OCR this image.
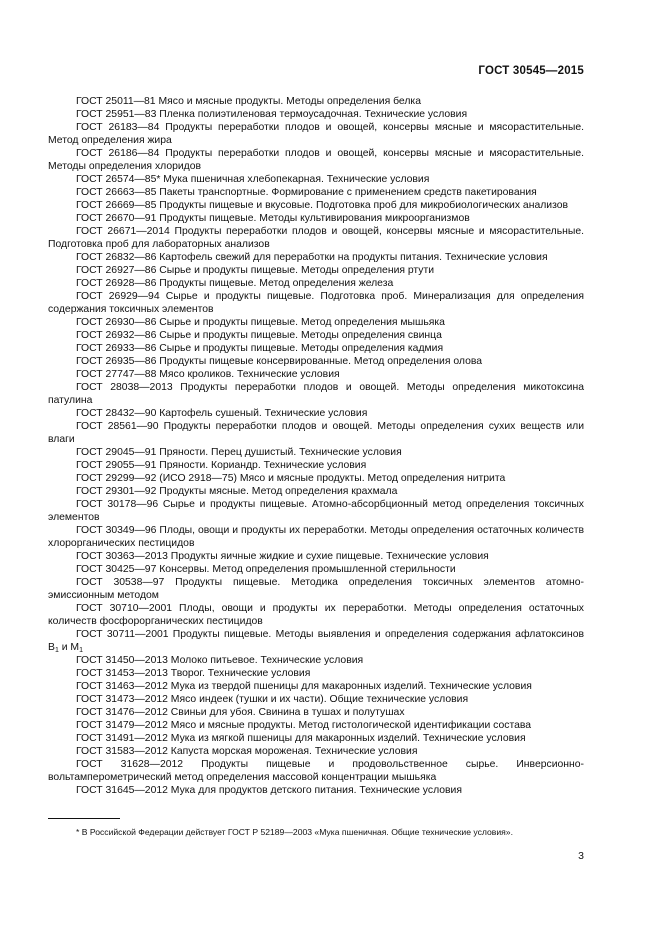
ГОСТ 30545—2015

ГОСТ 25011—81 Мясо и мясные продукты. Методы определения белка

ГОСТ 25951—83 Пленка полиэтиленовая термоусадочная. Технические условия

ГОСТ 26183—84 Продукты переработки плодов и овощей, консервы мясные и мясорастительные. Метод определения жира

ГОСТ 26186—84 Продукты переработки плодов и овощей, консервы мясные и мясорастительные. Методы определения хлоридов

ГОСТ 26574—85* Мука пшеничная хлебопекарная. Технические условия

ГОСТ 26663—85 Пакеты транспортные. Формирование с применением средств пакетирования

ГОСТ 26669—85 Продукты пищевые и вкусовые. Подготовка проб для микробиологических анализов

ГОСТ 26670—91 Продукты пищевые. Методы культивирования микроорганизмов

ГОСТ 26671—2014 Продукты переработки плодов и овощей, консервы мясные и мясорастительные. Подготовка проб для лабораторных анализов

ГОСТ 26832—86 Картофель свежий для переработки на продукты питания. Технические условия

ГОСТ 26927—86 Сырье и продукты пищевые. Методы определения ртути

ГОСТ 26928—86 Продукты пищевые. Метод определения железа

ГОСТ 26929—94 Сырье и продукты пищевые. Подготовка проб. Минерализация для определения содержания токсичных элементов

ГОСТ 26930—86 Сырье и продукты пищевые. Метод определения мышьяка

ГОСТ 26932—86 Сырье и продукты пищевые. Методы определения свинца

ГОСТ 26933—86 Сырье и продукты пищевые. Методы определения кадмия

ГОСТ 26935—86 Продукты пищевые консервированные. Метод определения олова

ГОСТ 27747—88 Мясо кроликов. Технические условия

ГОСТ 28038—2013 Продукты переработки плодов и овощей. Методы определения микотоксина патулина

ГОСТ 28432—90 Картофель сушеный. Технические условия

ГОСТ 28561—90 Продукты переработки плодов и овощей. Методы определения сухих веществ или влаги

ГОСТ 29045—91 Пряности. Перец душистый. Технические условия

ГОСТ 29055—91 Пряности. Кориандр. Технические условия

ГОСТ 29299—92 (ИСО 2918—75) Мясо и мясные продукты. Метод определения нитрита

ГОСТ 29301—92 Продукты мясные. Метод определения крахмала

ГОСТ 30178—96 Сырье и продукты пищевые. Атомно-абсорбционный метод определения токсичных элементов

ГОСТ 30349—96 Плоды, овощи и продукты их переработки. Методы определения остаточных количеств хлорорганических пестицидов

ГОСТ 30363—2013 Продукты яичные жидкие и сухие пищевые. Технические условия

ГОСТ 30425—97 Консервы. Метод определения промышленной стерильности

ГОСТ 30538—97 Продукты пищевые. Методика определения токсичных элементов атомно-эмиссионным методом

ГОСТ 30710—2001 Плоды, овощи и продукты их переработки. Методы определения остаточных количеств фосфорорганических пестицидов

ГОСТ 30711—2001 Продукты пищевые. Методы выявления и определения содержания афлатоксинов $B_1$ и $M_1$

ГОСТ 31450—2013 Молоко питьевое. Технические условия

ГОСТ 31453—2013 Творог. Технические условия

ГОСТ 31463—2012 Мука из твердой пшеницы для макаронных изделий. Технические условия

ГОСТ 31473—2012 Мясо индеек (тушки и их части). Общие технические условия

ГОСТ 31476—2012 Свиньи для убоя. Свинина в тушах и полутушах

ГОСТ 31479—2012 Мясо и мясные продукты. Метод гистологической идентификации состава

ГОСТ 31491—2012 Мука из мягкой пшеницы для макаронных изделий. Технические условия

ГОСТ 31583—2012 Капуста морская мороженая. Технические условия

ГОСТ 31628—2012 Продукты пищевые и продовольственное сырье. Инверсионно-вольтамперометрический метод определения массовой концентрации мышьяка

ГОСТ 31645—2012 Мука для продуктов детского питания. Технические условия

* В Российской Федерации действует ГОСТ Р 52189—2003 «Мука пшеничная. Общие технические условия».

3
